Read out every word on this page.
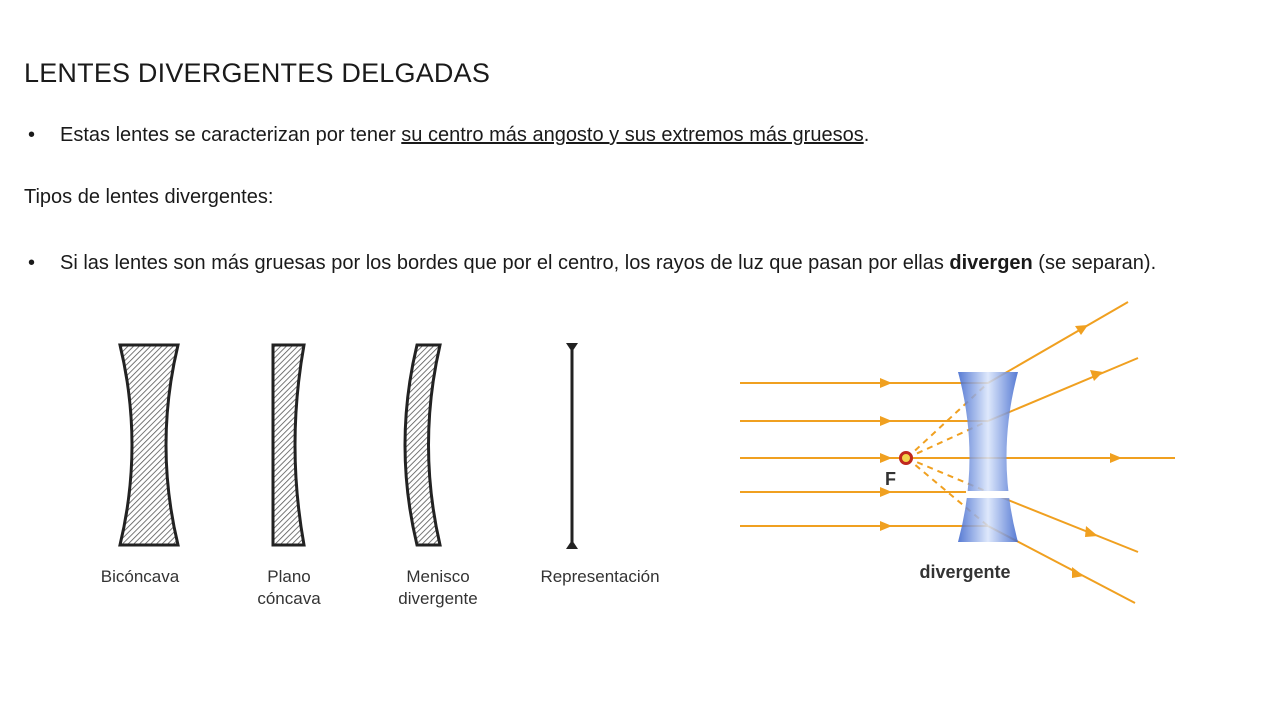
LENTES DIVERGENTES DELGADAS
• Estas lentes se caracterizan por tener su centro más angosto y sus extremos más gruesos.
Tipos de lentes divergentes:
• Si las lentes son más gruesas por los bordes que por el centro, los rayos de luz que pasan por ellas divergen (se separan).
Bicóncava	Plano
cóncava
Menisco
divergente
Representación
F
divergente
